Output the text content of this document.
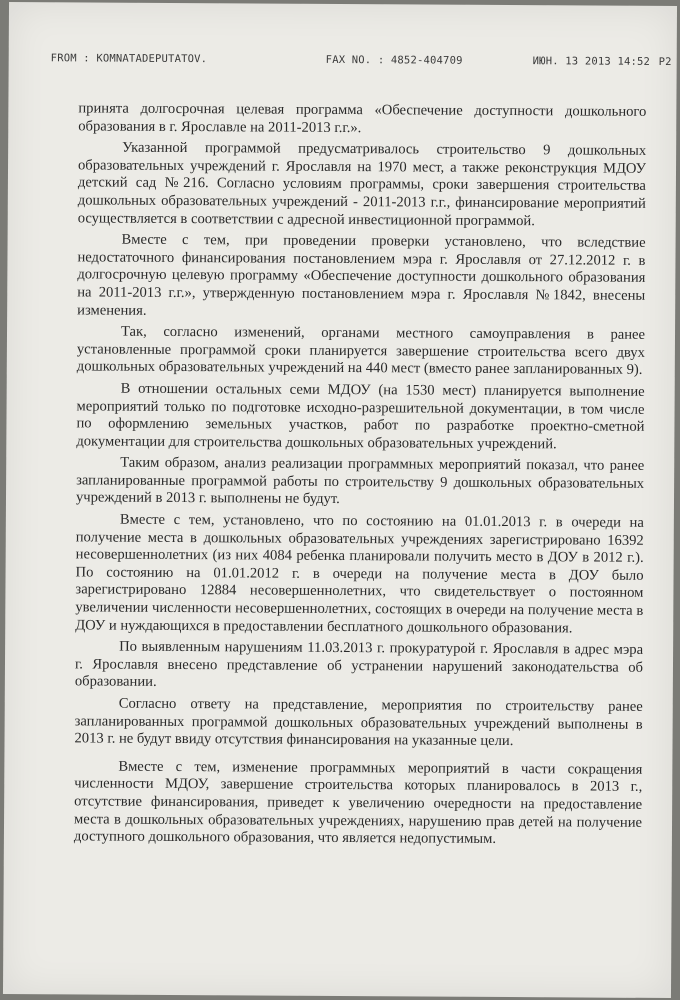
FROM : KOMNATADEPUTATOV.	FAX NO. : 4852-404709	ИЮН. 13 2013 14:52 P2

принята долгосрочная целевая программа «Обеспечение доступности дошкольного образования в г. Ярославле на 2011-2013 г.г.».

Указанной программой предусматривалось строительство 9 дошкольных образовательных учреждений г. Ярославля на 1970 мест, а также реконструкция МДОУ детский сад №216. Согласно условиям программы, сроки завершения строительства дошкольных образовательных учреждений - 2011-2013 г.г., финансирование мероприятий осуществляется в соответствии с адресной инвестиционной программой.

Вместе с тем, при проведении проверки установлено, что вследствие недостаточного финансирования постановлением мэра г. Ярославля от 27.12.2012 г. в долгосрочную целевую программу «Обеспечение доступности дошкольного образования на 2011-2013 г.г.», утвержденную постановлением мэра г. Ярославля №1842, внесены изменения.

Так, согласно изменений, органами местного самоуправления в ранее установленные программой сроки планируется завершение строительства всего двух дошкольных образовательных учреждений на 440 мест (вместо ранее запланированных 9).

В отношении остальных семи МДОУ (на 1530 мест) планируется выполнение мероприятий только по подготовке исходно-разрешительной документации, в том числе по оформлению земельных участков, работ по разработке проектно-сметной документации для строительства дошкольных образовательных учреждений.

Таким образом, анализ реализации программных мероприятий показал, что ранее запланированные программой работы по строительству 9 дошкольных образовательных учреждений в 2013 г. выполнены не будут.

Вместе с тем, установлено, что по состоянию на 01.01.2013 г. в очереди на получение места в дошкольных образовательных учреждениях зарегистрировано 16392 несовершеннолетних (из них 4084 ребенка планировали получить место в ДОУ в 2012 г.). По состоянию на 01.01.2012 г. в очереди на получение места в ДОУ было зарегистрировано 12884 несовершеннолетних, что свидетельствует о постоянном увеличении численности несовершеннолетних, состоящих в очереди на получение места в ДОУ и нуждающихся в предоставлении бесплатного дошкольного образования.

По выявленным нарушениям 11.03.2013 г. прокуратурой г. Ярославля в адрес мэра г. Ярославля внесено представление об устранении нарушений законодательства об образовании.

Согласно ответу на представление, мероприятия по строительству ранее запланированных программой дошкольных образовательных учреждений выполнены в 2013 г. не будут ввиду отсутствия финансирования на указанные цели.

Вместе с тем, изменение программных мероприятий в части сокращения численности МДОУ, завершение строительства которых планировалось в 2013 г., отсутствие финансирования, приведет к увеличению очередности на предоставление места в дошкольных образовательных учреждениях, нарушению прав детей на получение доступного дошкольного образования, что является недопустимым.
